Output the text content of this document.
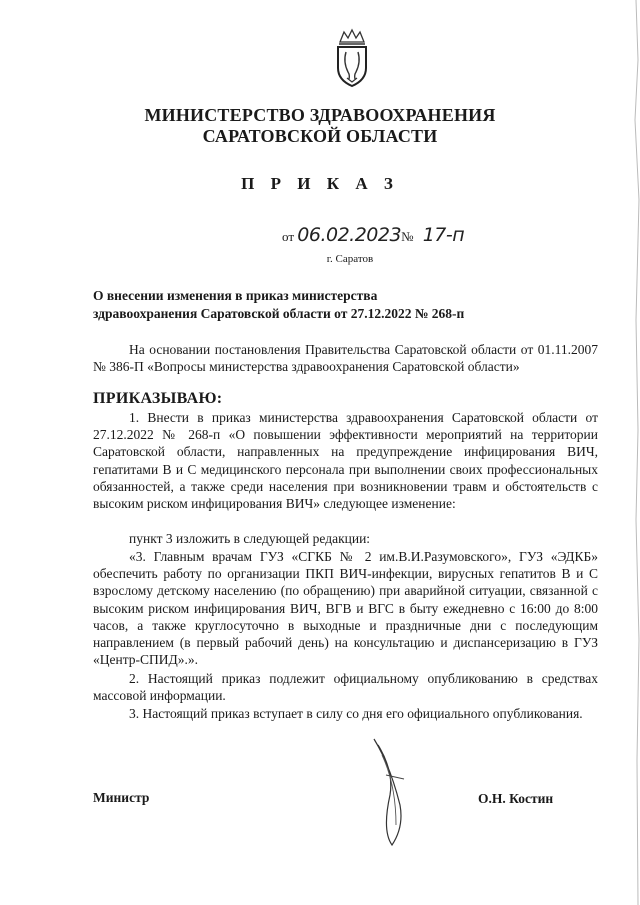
МИНИСТЕРСТВО ЗДРАВООХРАНЕНИЯ
САРАТОВСКОЙ ОБЛАСТИ
П Р И К А З
от 06.02.2023№ 17-п
г. Саратов
О внесении изменения в приказ министерства
здравоохранения Саратовской области от 27.12.2022 № 268-п
На основании постановления Правительства Саратовской области от 01.11.2007 № 386-П «Вопросы министерства здравоохранения Саратовской области»
ПРИКАЗЫВАЮ:
1. Внести в приказ министерства здравоохранения Саратовской области от 27.12.2022 № 268-п «О повышении эффективности мероприятий на территории Саратовской области, направленных на предупреждение инфицирования ВИЧ, гепатитами В и С медицинского персонала при выполнении своих профессиональных обязанностей, а также среди населения при возникновении травм и обстоятельств с высоким риском инфицирования ВИЧ» следующее изменение:
пункт 3 изложить в следующей редакции:
«3. Главным врачам ГУЗ «СГКБ № 2 им.В.И.Разумовского», ГУЗ «ЭДКБ» обеспечить работу по организации ПКП ВИЧ-инфекции, вирусных гепатитов В и С взрослому детскому населению (по обращению) при аварийной ситуации, связанной с высоким риском инфицирования ВИЧ, ВГВ и ВГС в быту ежедневно с 16:00 до 8:00 часов, а также круглосуточно в выходные и праздничные дни с последующим направлением (в первый рабочий день) на консультацию и диспансеризацию в ГУЗ «Центр-СПИД».».
2. Настоящий приказ подлежит официальному опубликованию в средствах массовой информации.
3. Настоящий приказ вступает в силу со дня его официального опубликования.
Министр	О.Н. Костин
